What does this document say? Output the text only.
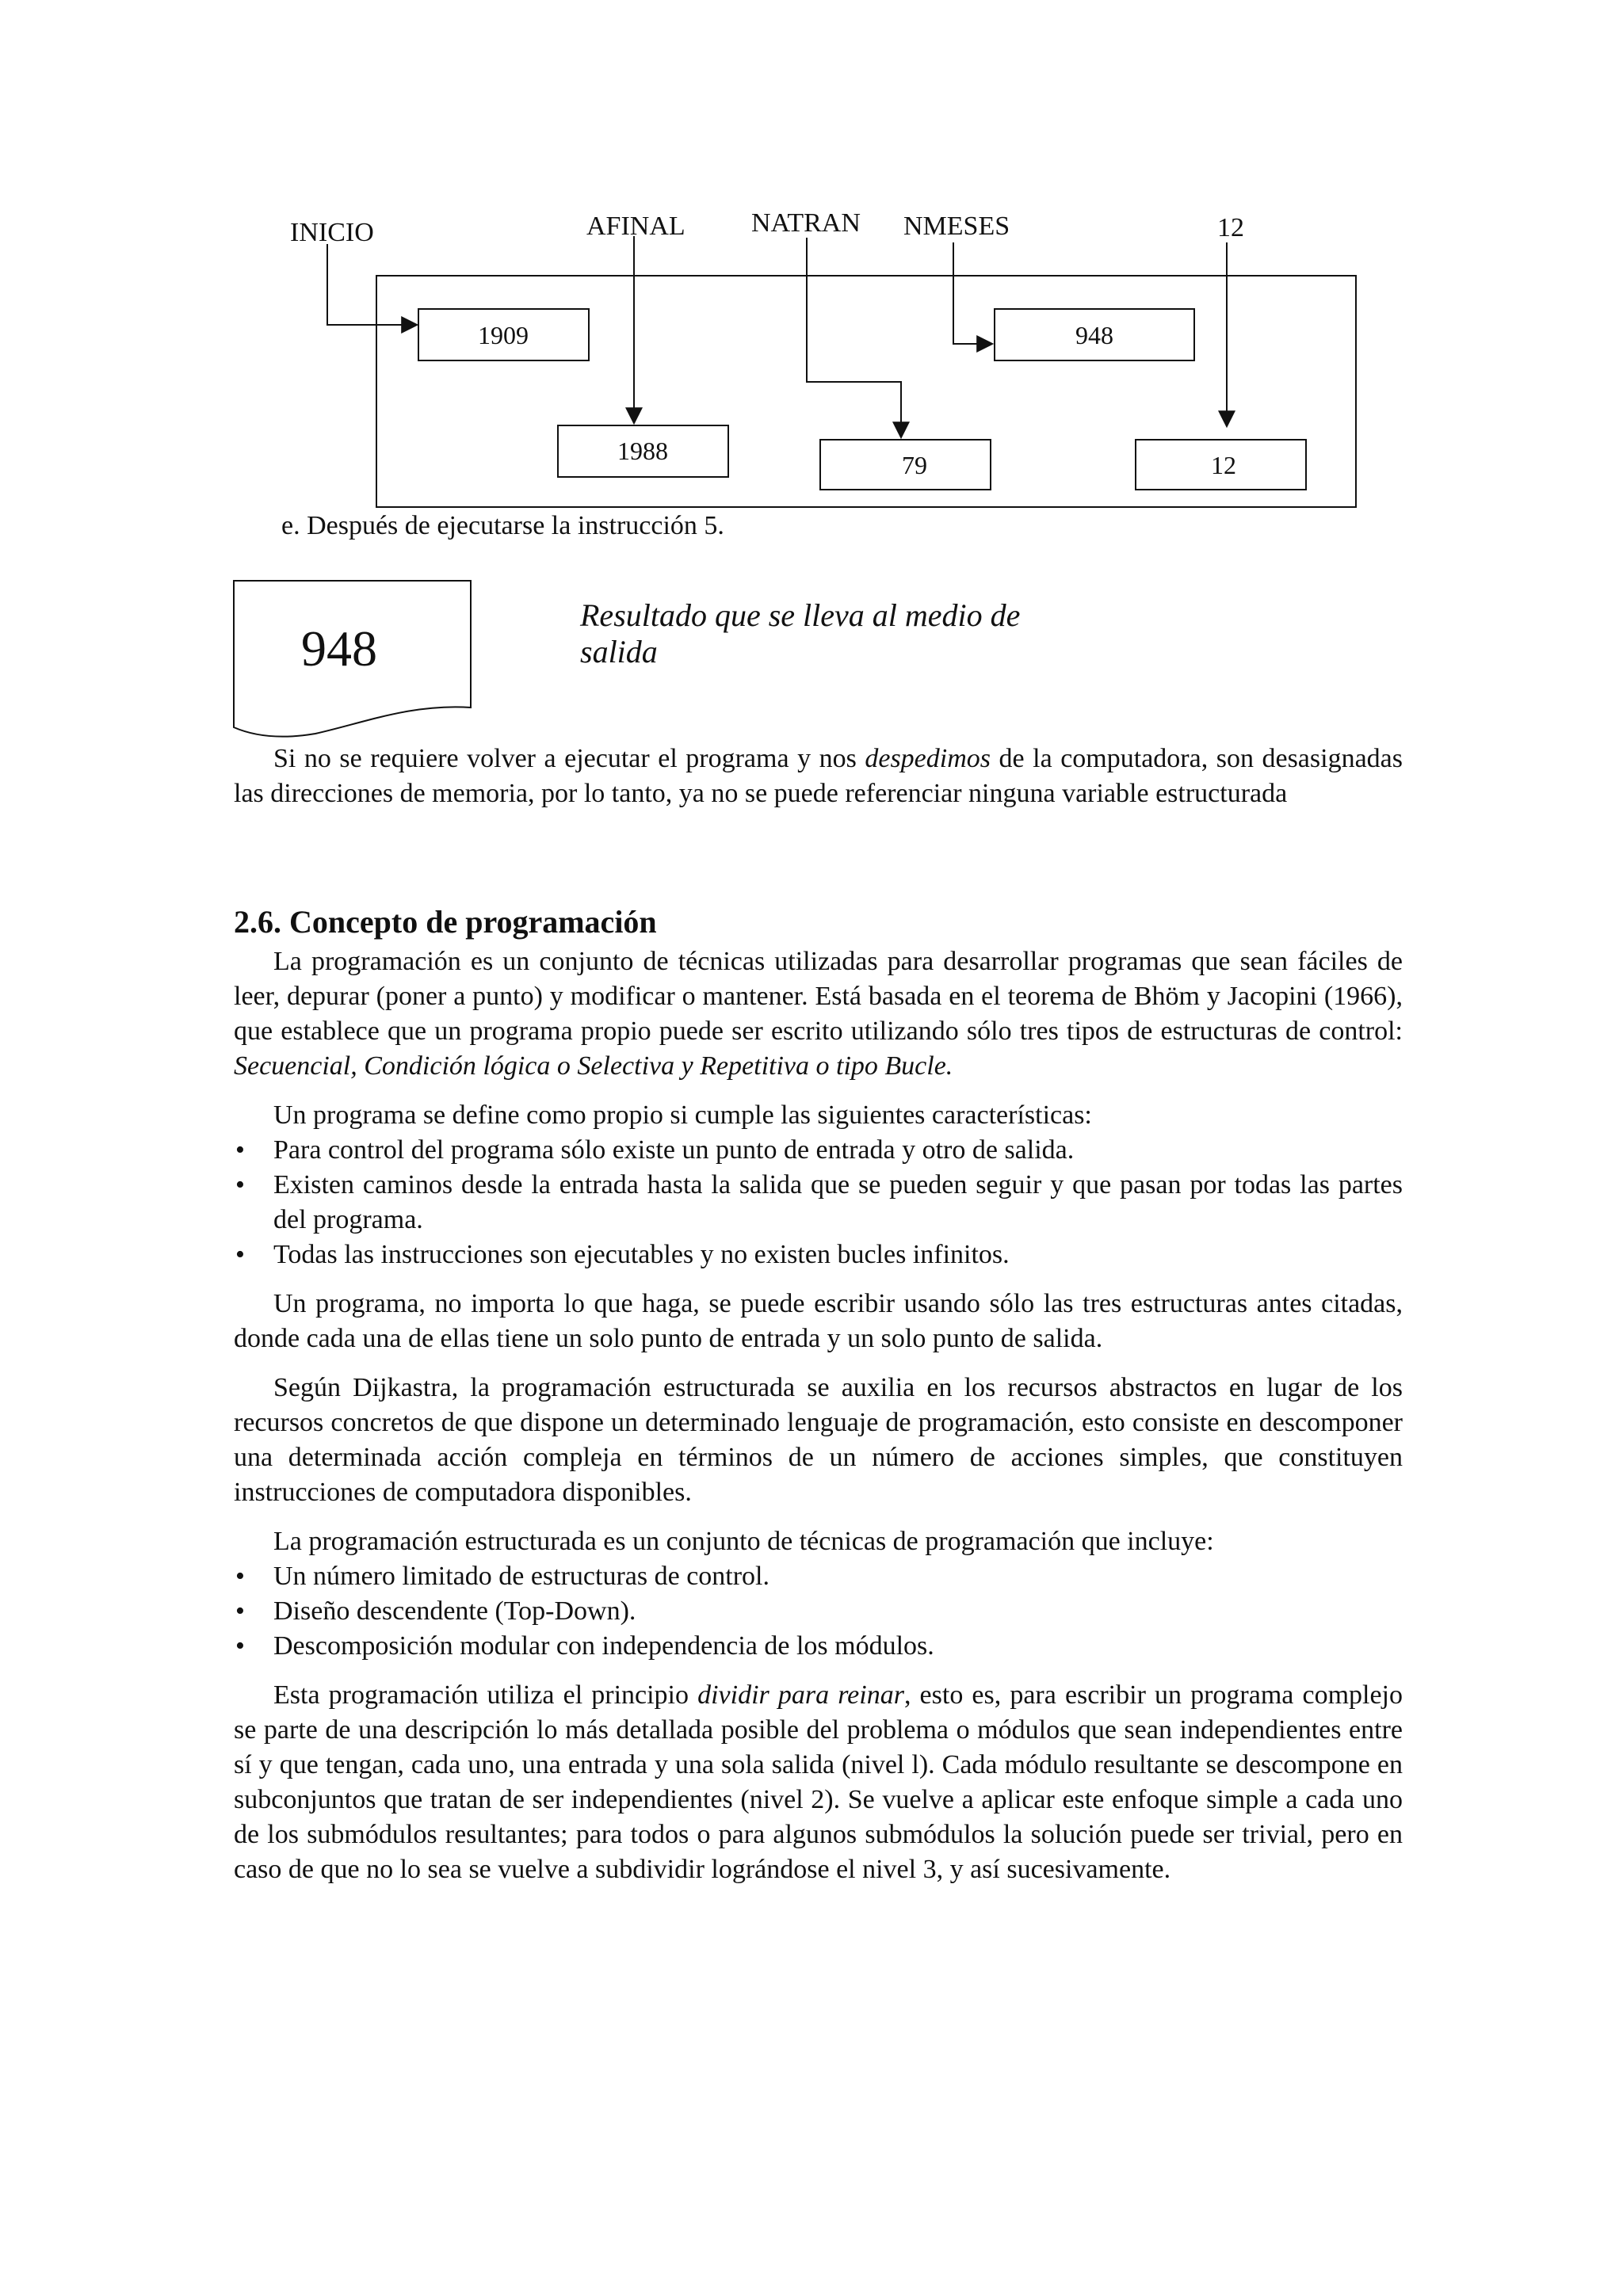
INICIO	AFINAL NATRAN NMESES	12
1909
1988	79
948
12
948

e. Después de ejecutarse la instrucción 5.

Resultado que se lleva al medio de salida

Si no se requiere volver a ejecutar el programa y nos despedimos de la computadora, son desasignadas las direcciones de memoria, por lo tanto, ya no se puede referenciar ninguna variable estructurada

2.6. Concepto de programación

La programación es un conjunto de técnicas utilizadas para desarrollar programas que sean fáciles de leer, depurar (poner a punto) y modificar o mantener. Está basada en el teorema de Bhöm y Jacopini (1966), que establece que un programa propio puede ser escrito utilizando sólo tres tipos de estructuras de control: Secuencial, Condición lógica o Selectiva y Repetitiva o tipo Bucle.

Un programa se define como propio si cumple las siguientes características:

• Para control del programa sólo existe un punto de entrada y otro de salida.
• Existen caminos desde la entrada hasta la salida que se pueden seguir y que pasan por todas las partes del programa.
• Todas las instrucciones son ejecutables y no existen bucles infinitos.

Un programa, no importa lo que haga, se puede escribir usando sólo las tres estructuras antes citadas, donde cada una de ellas tiene un solo punto de entrada y un solo punto de salida.

Según Dijkastra, la programación estructurada se auxilia en los recursos abstractos en lugar de los recursos concretos de que dispone un determinado lenguaje de programación, esto consiste en descomponer una determinada acción compleja en términos de un número de acciones simples, que constituyen instrucciones de computadora disponibles.

La programación estructurada es un conjunto de técnicas de programación que incluye:

• Un número limitado de estructuras de control.
• Diseño descendente (Top-Down).
• Descomposición modular con independencia de los módulos.

Esta programación utiliza el principio dividir para reinar, esto es, para escribir un programa complejo se parte de una descripción lo más detallada posible del problema o módulos que sean independientes entre sí y que tengan, cada uno, una entrada y una sola salida (nivel l). Cada módulo resultante se descompone en subconjuntos que tratan de ser independientes (nivel 2). Se vuelve a aplicar este enfoque simple a cada uno de los submódulos resultantes; para todos o para algunos submódulos la solución puede ser trivial, pero en caso de que no lo sea se vuelve a subdividir lográndose el nivel 3, y así sucesivamente.
